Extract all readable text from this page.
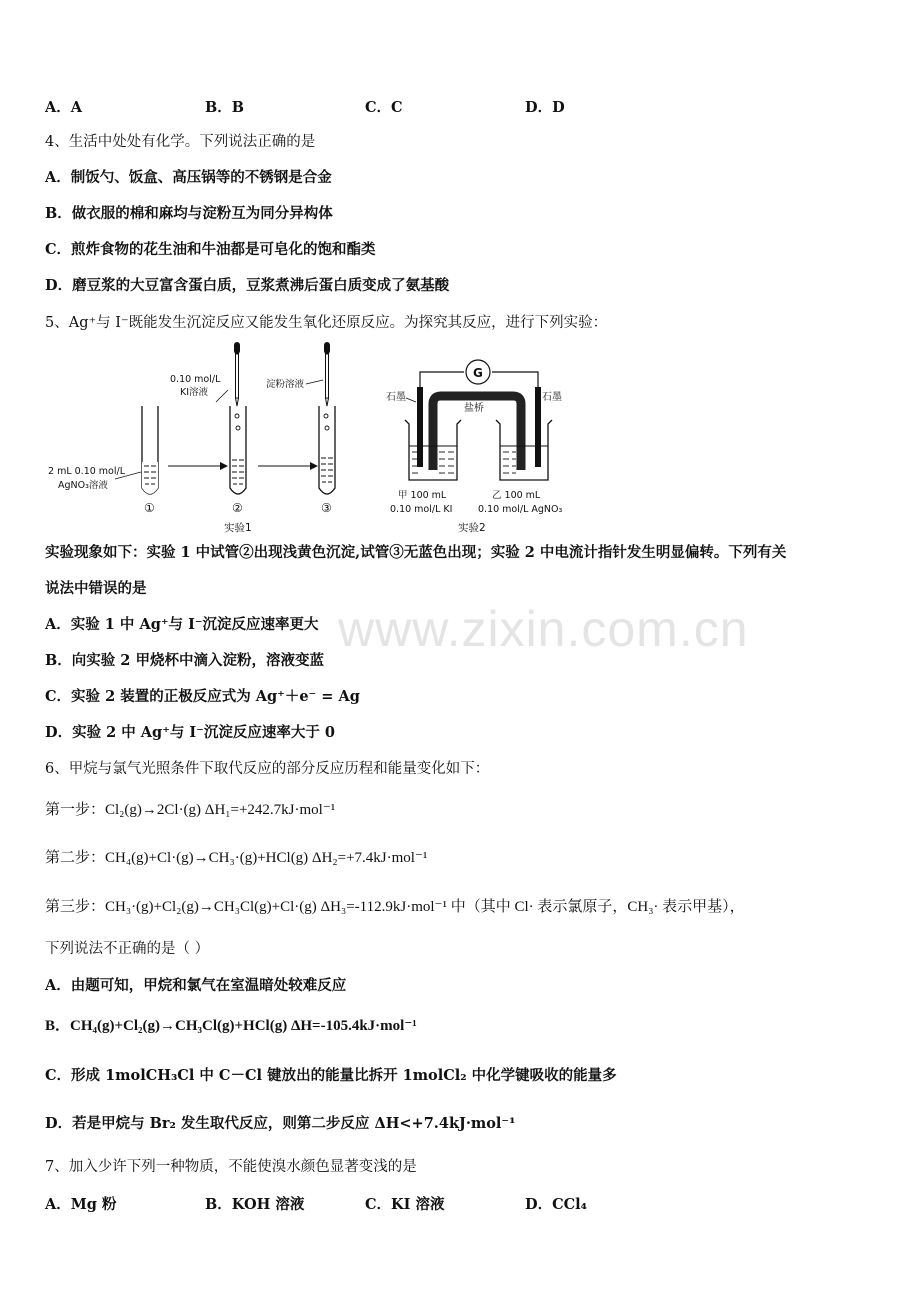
A．A	B．B	C．C	D．D
4、生活中处处有化学。下列说法正确的是
A．制饭勺、饭盒、高压锅等的不锈钢是合金
B．做衣服的棉和麻均与淀粉互为同分异构体
C．煎炸食物的花生油和牛油都是可皂化的饱和酯类
D．磨豆浆的大豆富含蛋白质，豆浆煮沸后蛋白质变成了氨基酸
5、Ag⁺与 I⁻既能发生沉淀反应又能发生氧化还原反应。为探究其反应，进行下列实验：
0.10 mol/L
KI溶液
2 mL 0.10 mol/L
AgNO₃溶液
①	②
淀粉溶液
③
实验1
G
石墨	石墨
盐桥
甲 100 mL
0.10 mol/L KI
乙 100 mL
0.10 mol/L AgNO₃
实验2
实验现象如下：实验 1 中试管②出现浅黄色沉淀,试管③无蓝色出现；实验 2 中电流计指针发生明显偏转。下列有关
说法中错误的是
www.zixin.com.cn
A．实验 1 中 Ag⁺与 I⁻沉淀反应速率更大
B．向实验 2 甲烧杯中滴入淀粉，溶液变蓝
C．实验 2 装置的正极反应式为 Ag⁺＋e⁻ = Ag
D．实验 2 中 Ag⁺与 I⁻沉淀反应速率大于 0
6、甲烷与氯气光照条件下取代反应的部分反应历程和能量变化如下：
第一步：Cl₂(g)→2Cl·(g) ΔH₁=+242.7kJ·mol⁻¹
第二步：CH₄(g)+Cl·(g)→CH₃·(g)+HCl(g) ΔH₂=+7.4kJ·mol⁻¹
第三步：CH₃·(g)+Cl₂(g)→CH₃Cl(g)+Cl·(g) ΔH₃=-112.9kJ·mol⁻¹ 中（其中 Cl· 表示氯原子，CH₃· 表示甲基），
下列说法不正确的是（ ）
A．由题可知，甲烷和氯气在室温暗处较难反应
B．CH₄(g)+Cl₂(g)→CH₃Cl(g)+HCl(g) ΔH=-105.4kJ·mol⁻¹
C．形成 1molCH₃Cl 中 C－Cl 键放出的能量比拆开 1molCl₂ 中化学键吸收的能量多
D．若是甲烷与 Br₂ 发生取代反应，则第二步反应 ΔH<+7.4kJ·mol⁻¹
7、加入少许下列一种物质，不能使溴水颜色显著变浅的是
A．Mg 粉	B．KOH 溶液	C．KI 溶液	D．CCl₄
